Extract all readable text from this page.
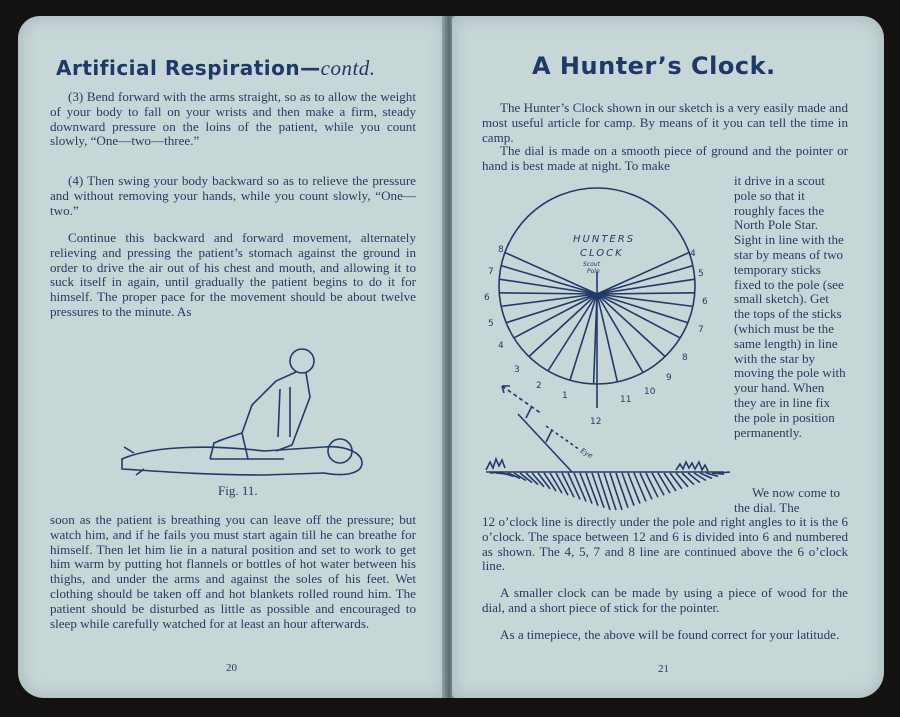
Artificial Respiration—contd.

(3) Bend forward with the arms straight, so as to allow the weight of your body to fall on your wrists and then make a firm, steady downward pressure on the loins of the patient, while you count slowly, “One—two—three.”

(4) Then swing your body backward so as to relieve the pressure and without removing your hands, while you count slowly, “One—two.”

Continue this backward and forward movement, alternately relieving and pressing the patient’s stomach against the ground in order to drive the air out of his chest and mouth, and allowing it to suck itself in again, until gradually the patient begins to do it for himself. The proper pace for the movement should be about twelve pressures to the minute. As

Fig. 11.

soon as the patient is breathing you can leave off the pressure; but watch him, and if he fails you must start again till he can breathe for himself. Then let him lie in a natural position and set to work to get him warm by putting hot flannels or bottles of hot water between his thighs, and under the arms and against the soles of his feet. Wet clothing should be taken off and hot blankets rolled round him. The patient should be disturbed as little as possible and encouraged to sleep while carefully watched for at least an hour afterwards.

20
A Hunter’s Clock.

The Hunter’s Clock shown in our sketch is a very easily made and most useful article for camp. By means of it you can tell the time in camp.

The dial is made on a smooth piece of ground and the pointer or hand is best made at night. To make

it drive in a scout pole so that it roughly faces the North Pole Star. Sight in line with the star by means of two temporary sticks fixed to the pole (see small sketch). Get the tops of the sticks (which must be the same length) in line with the star by moving the pole with your hand. When they are in line fix the pole in position permanently.

We now come to the dial. The

HUNTERS
CLOCK
Scout
Pole
12
11
10
9
8
7
6
5
4
1
2
3
4
5
6
7
8
Eye

12 o’clock line is directly under the pole and right angles to it is the 6 o’clock. The space between 12 and 6 is divided into 6 and numbered as shown. The 4, 5, 7 and 8 line are continued above the 6 o’clock line.

A smaller clock can be made by using a piece of wood for the dial, and a short piece of stick for the pointer.

As a timepiece, the above will be found correct for your latitude.

21
